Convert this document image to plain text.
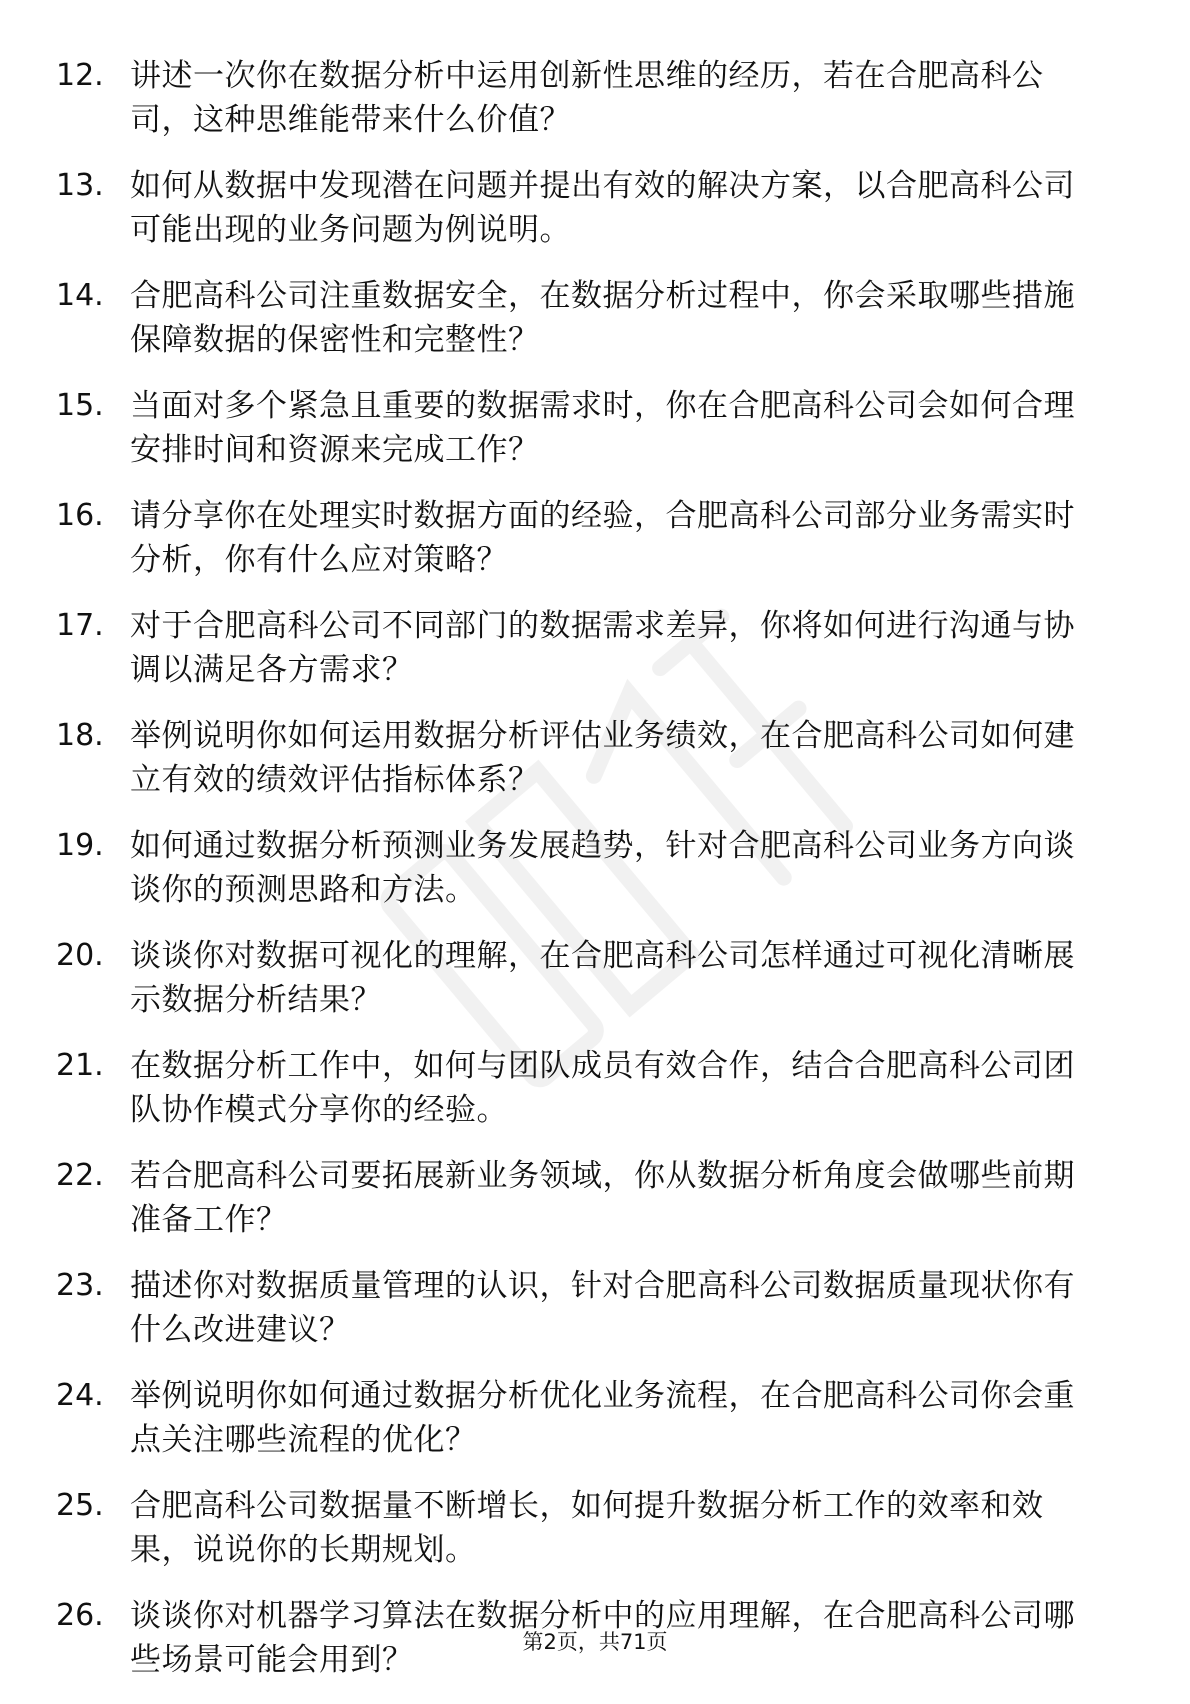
12. 讲述一次你在数据分析中运用创新性思维的经历，若在合肥高科公司，这种思维能带来什么价值？
13. 如何从数据中发现潜在问题并提出有效的解决方案，以合肥高科公司可能出现的业务问题为例说明。
14. 合肥高科公司注重数据安全，在数据分析过程中，你会采取哪些措施保障数据的保密性和完整性？
15. 当面对多个紧急且重要的数据需求时，你在合肥高科公司会如何合理安排时间和资源来完成工作？
16. 请分享你在处理实时数据方面的经验，合肥高科公司部分业务需实时分析，你有什么应对策略？
17. 对于合肥高科公司不同部门的数据需求差异，你将如何进行沟通与协调以满足各方需求？
18. 举例说明你如何运用数据分析评估业务绩效，在合肥高科公司如何建立有效的绩效评估指标体系？
19. 如何通过数据分析预测业务发展趋势，针对合肥高科公司业务方向谈谈你的预测思路和方法。
20. 谈谈你对数据可视化的理解，在合肥高科公司怎样通过可视化清晰展示数据分析结果？
21. 在数据分析工作中，如何与团队成员有效合作，结合合肥高科公司团队协作模式分享你的经验。
22. 若合肥高科公司要拓展新业务领域，你从数据分析角度会做哪些前期准备工作？
23. 描述你对数据质量管理的认识，针对合肥高科公司数据质量现状你有什么改进建议？
24. 举例说明你如何通过数据分析优化业务流程，在合肥高科公司你会重点关注哪些流程的优化？
25. 合肥高科公司数据量不断增长，如何提升数据分析工作的效率和效果，说说你的长期规划。
26. 谈谈你对机器学习算法在数据分析中的应用理解，在合肥高科公司哪些场景可能会用到？	第2页，共71页
